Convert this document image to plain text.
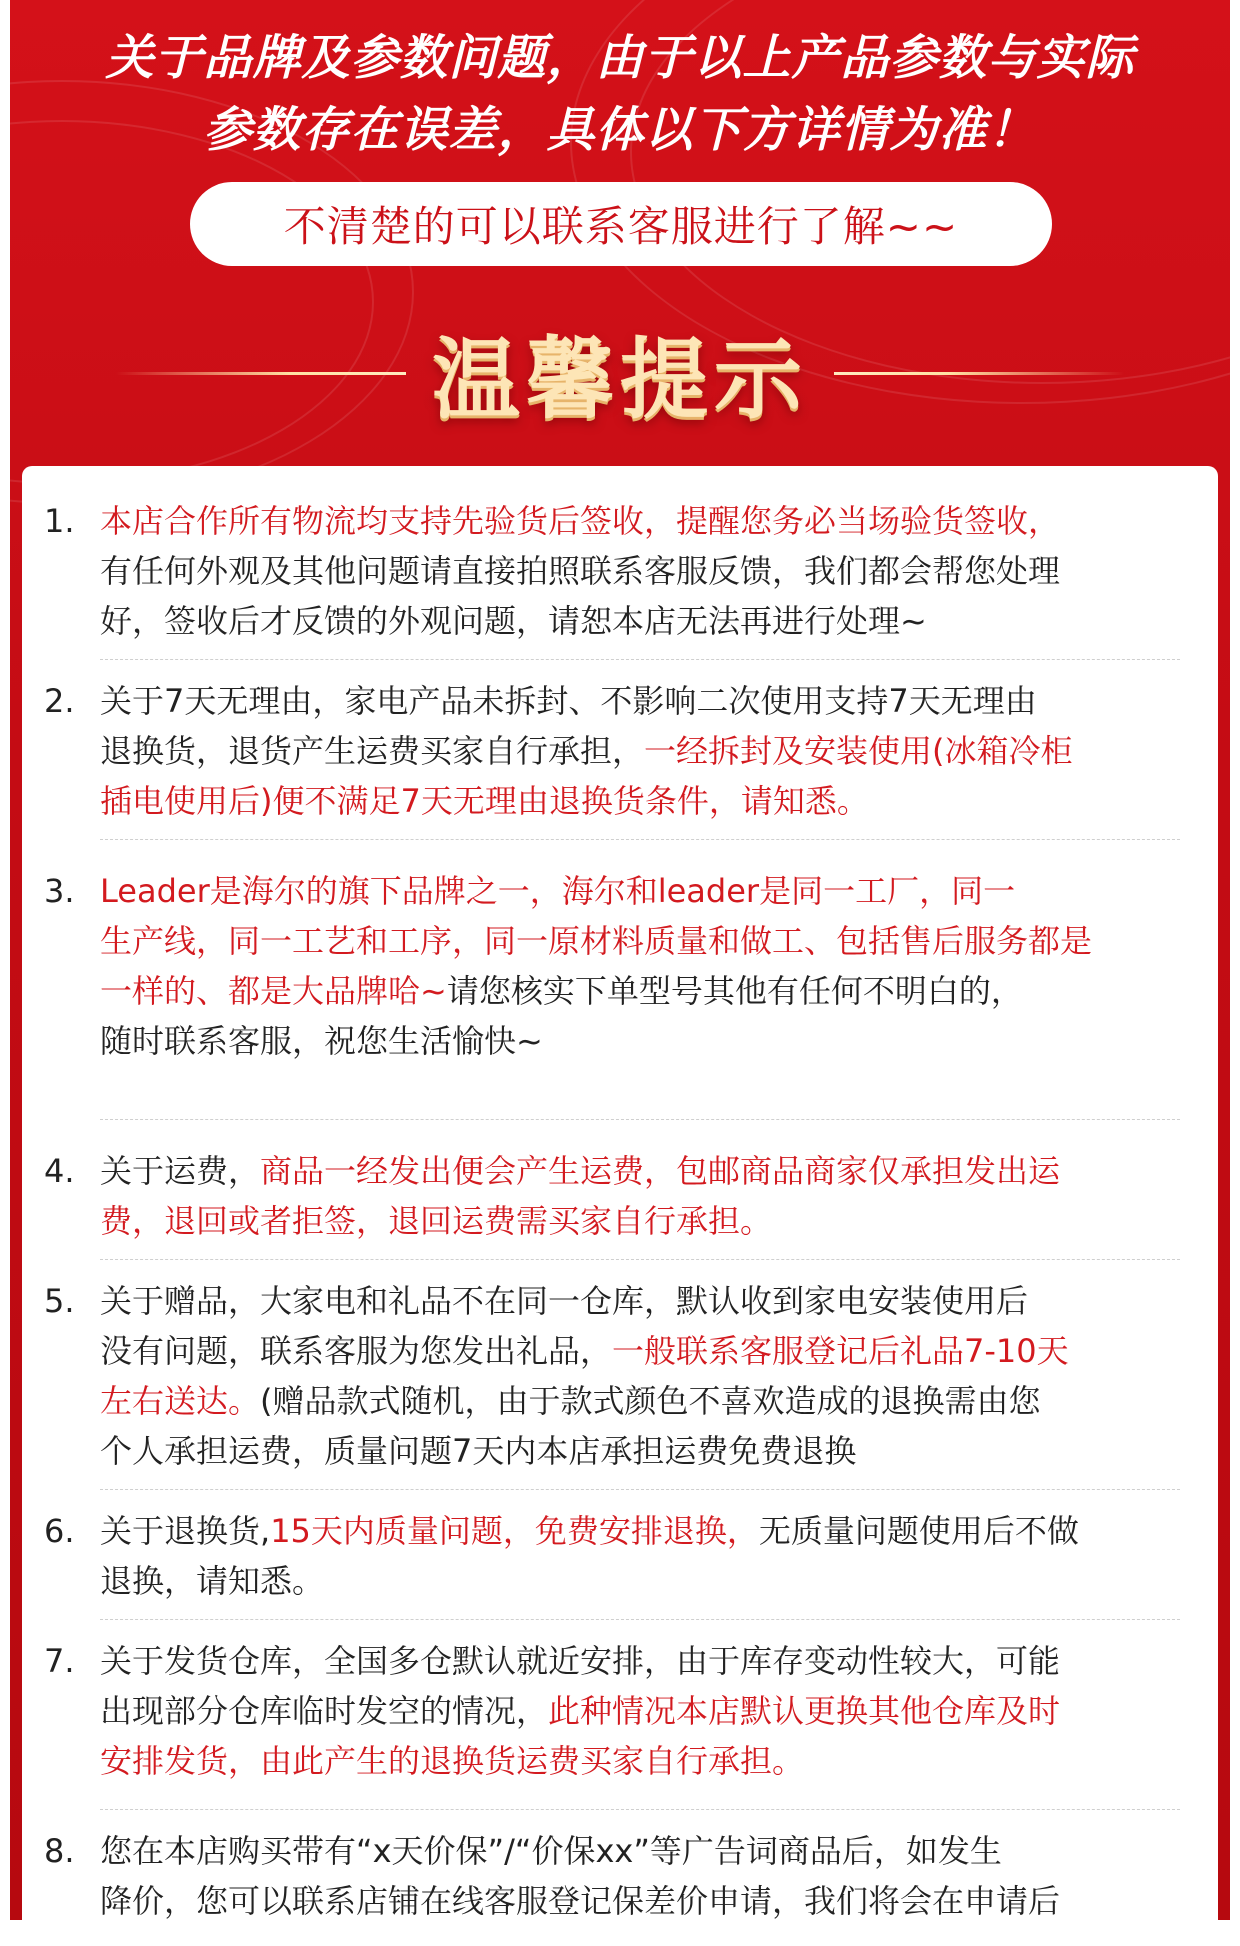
关于品牌及参数问题，由于以上产品参数与实际
参数存在误差，具体以下方详情为准！
不清楚的可以联系客服进行了解~~
温馨提示
1. 本店合作所有物流均支持先验货后签收，提醒您务必当场验货签收，
有任何外观及其他问题请直接拍照联系客服反馈，我们都会帮您处理
好，签收后才反馈的外观问题，请恕本店无法再进行处理~
2. 关于7天无理由，家电产品未拆封、不影响二次使用支持7天无理由
退换货，退货产生运费买家自行承担，一经拆封及安装使用(冰箱冷柜
插电使用后)便不满足7天无理由退换货条件，请知悉。
3. Leader是海尔的旗下品牌之一，海尔和leader是同一工厂，同一
生产线，同一工艺和工序，同一原材料质量和做工、包括售后服务都是
一样的、都是大品牌哈~请您核实下单型号其他有任何不明白的，
随时联系客服，祝您生活愉快~
4. 关于运费，商品一经发出便会产生运费，包邮商品商家仅承担发出运
费，退回或者拒签，退回运费需买家自行承担。
5. 关于赠品，大家电和礼品不在同一仓库，默认收到家电安装使用后
没有问题，联系客服为您发出礼品，一般联系客服登记后礼品7-10天
左右送达。(赠品款式随机，由于款式颜色不喜欢造成的退换需由您
个人承担运费，质量问题7天内本店承担运费免费退换
6. 关于退换货,15天内质量问题，免费安排退换，无质量问题使用后不做
退换，请知悉。
7. 关于发货仓库，全国多仓默认就近安排，由于库存变动性较大，可能
出现部分仓库临时发空的情况，此种情况本店默认更换其他仓库及时
安排发货，由此产生的退换货运费买家自行承担。
8. 您在本店购买带有“x天价保”/“价保xx”等广告词商品后，如发生
降价，您可以联系店铺在线客服登记保差价申请，我们将会在申请后
